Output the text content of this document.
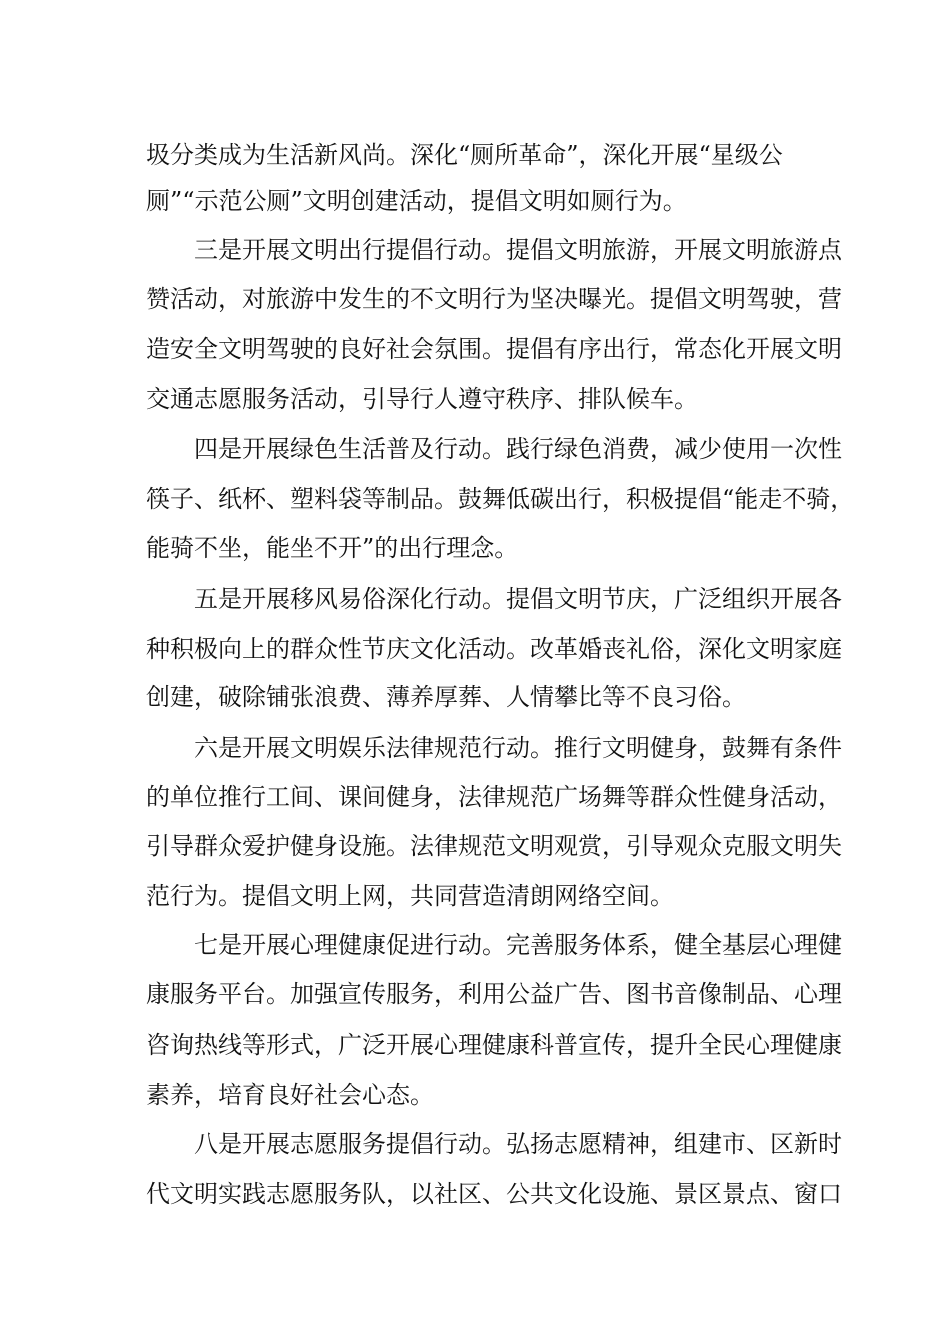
圾分类成为生活新风尚。深化“厕所革命”，深化开展“星级公
厕”“示范公厕”文明创建活动，提倡文明如厕行为。
三是开展文明出行提倡行动。提倡文明旅游，开展文明旅游点
赞活动，对旅游中发生的不文明行为坚决曝光。提倡文明驾驶，营
造安全文明驾驶的良好社会氛围。提倡有序出行，常态化开展文明
交通志愿服务活动，引导行人遵守秩序、排队候车。
四是开展绿色生活普及行动。践行绿色消费，减少使用一次性
筷子、纸杯、塑料袋等制品。鼓舞低碳出行，积极提倡“能走不骑，
能骑不坐，能坐不开”的出行理念。
五是开展移风易俗深化行动。提倡文明节庆，广泛组织开展各
种积极向上的群众性节庆文化活动。改革婚丧礼俗，深化文明家庭
创建，破除铺张浪费、薄养厚葬、人情攀比等不良习俗。
六是开展文明娱乐法律规范行动。推行文明健身，鼓舞有条件
的单位推行工间、课间健身，法律规范广场舞等群众性健身活动，
引导群众爱护健身设施。法律规范文明观赏，引导观众克服文明失
范行为。提倡文明上网，共同营造清朗网络空间。
七是开展心理健康促进行动。完善服务体系，健全基层心理健
康服务平台。加强宣传服务，利用公益广告、图书音像制品、心理
咨询热线等形式，广泛开展心理健康科普宣传，提升全民心理健康
素养，培育良好社会心态。
八是开展志愿服务提倡行动。弘扬志愿精神，组建市、区新时
代文明实践志愿服务队，以社区、公共文化设施、景区景点、窗口
